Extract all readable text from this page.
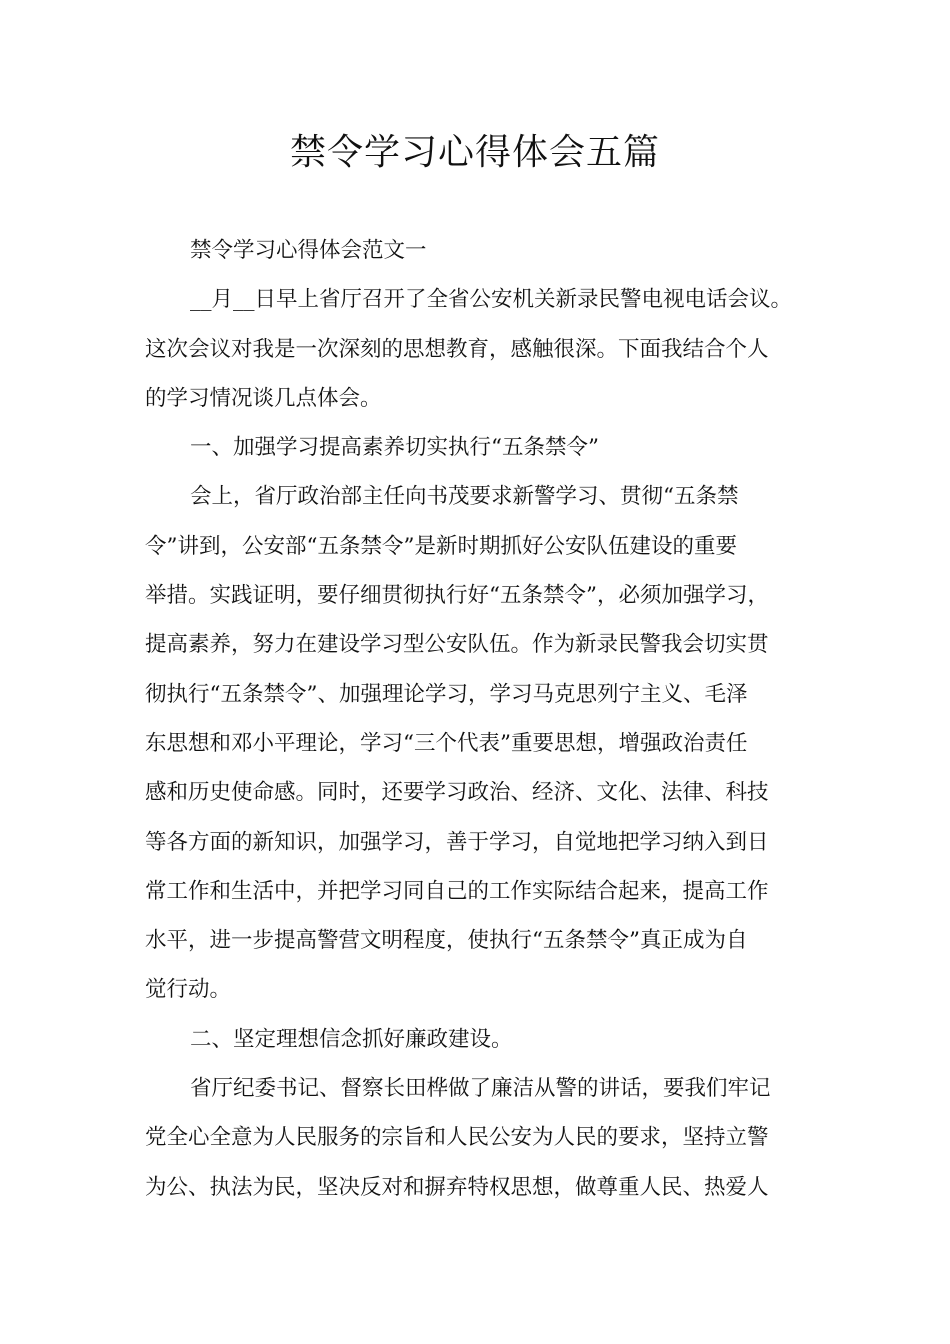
禁令学习心得体会五篇
禁令学习心得体会范文一
__月__日早上省厅召开了全省公安机关新录民警电视电话会议。
这次会议对我是一次深刻的思想教育，感触很深。下面我结合个人
的学习情况谈几点体会。
一、加强学习提高素养切实执行“五条禁令”
会上，省厅政治部主任向书茂要求新警学习、贯彻“五条禁
令”讲到，公安部“五条禁令”是新时期抓好公安队伍建设的重要
举措。实践证明，要仔细贯彻执行好“五条禁令”，必须加强学习，
提高素养，努力在建设学习型公安队伍。作为新录民警我会切实贯
彻执行“五条禁令”、加强理论学习，学习马克思列宁主义、毛泽
东思想和邓小平理论，学习“三个代表”重要思想，增强政治责任
感和历史使命感。同时，还要学习政治、经济、文化、法律、科技
等各方面的新知识，加强学习，善于学习，自觉地把学习纳入到日
常工作和生活中，并把学习同自己的工作实际结合起来，提高工作
水平，进一步提高警营文明程度，使执行“五条禁令”真正成为自
觉行动。
二、坚定理想信念抓好廉政建设。
省厅纪委书记、督察长田桦做了廉洁从警的讲话，要我们牢记
党全心全意为人民服务的宗旨和人民公安为人民的要求，坚持立警
为公、执法为民，坚决反对和摒弃特权思想，做尊重人民、热爱人
